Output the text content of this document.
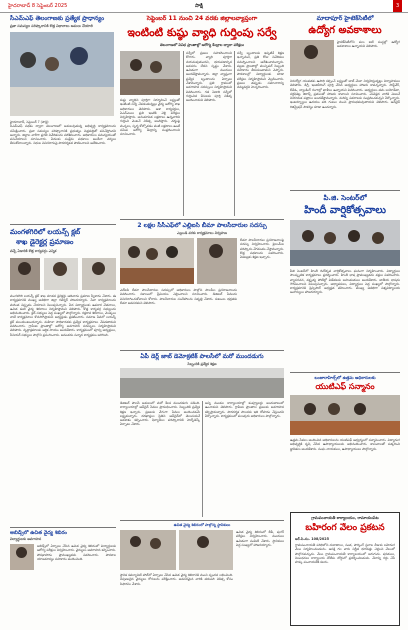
హైదరాబాద్ 8 సెప్టెంబర్ 2025	సాక్షి	3
సీఎమ్‌ఎఫ్ తెలంగాణకు ప్రత్యేక ప్రాధాన్యం
ప్రజా సమస్యల పరిష్కారానికి కొత్త విధానాలు అమలు చేయాలి
హైదరాబాద్, సెప్టెంబర్ 7 (సాక్షి):
సీఎమ్ఎఫ్ పథకం ద్వారా తెలంగాణలో అమలవుతున్న అభివృద్ధి కార్యక్రమాలను సమీక్షించారు. ప్రజా సమస్యల పరిష్కారానికి ప్రభుత్వం చిత్తశుద్ధితో పనిచేస్తోందని అన్నారు. జిల్లాల వారీగా ప్రగతి నివేదికలను పరిశీలించారు. అధికారులు సమన్వయంతో పనిచేయాలని సూచించారు. పేదలకు సంక్షేమ పథకాలు అందేలా చర్యలు తీసుకోవాలన్నారు. నిధుల వినియోగంపై పారదర్శకత పాటించాలని ఆదేశించారు.
మంగళగిరిలో లయన్స్ క్లబ్
శాఖ డైరెక్టర్ల ప్రమాణం
వచ్చే ఏడాదికి కొత్త కార్యవర్గం ఎన్నిక
మంగళగిరి లయన్స్ క్లబ్ శాఖ నూతన డైరెక్టర్లు ఆదివారం ప్రమాణ స్వీకారం చేశారు. ఈ కార్యక్రమానికి ముఖ్య అతిథిగా జిల్లా గవర్నర్ హాజరయ్యారు. సేవా కార్యక్రమాలను మరింత విస్తృతం చేయాలని పిలుపునిచ్చారు. పేద విద్యార్థులకు ఉపకార వేతనాలు, ఉచిత కంటి వైద్య శిబిరాలు నిర్వహిస్తామని తెలిపారు. కొత్త కార్యవర్గ సభ్యులను అభినందించారు. క్లబ్ సభ్యులు పెద్ద సంఖ్యలో పాల్గొన్నారు. రక్తదాన శిబిరాలు, మొక్కలు నాటే కార్యక్రమాలు కొనసాగిస్తామని అధ్యక్షుడు ప్రకటించారు. సమాజ సేవలో లయన్స్ క్లబ్ ముందుంటుందన్నారు. మహిళా సాధికారతకు ప్రత్యేక కార్యక్రమాలు చేపడతామని వివరించారు. గ్రామీణ ప్రాంతాల్లో ఆరోగ్య అవగాహన సదస్సులు నిర్వహిస్తామని తెలిపారు. వృద్ధాశ్రమాలకు ఆర్థిక సాయం అందజేశారు. కార్యక్రమంలో పూర్వ అధ్యక్షులు, సీనియర్ సభ్యులు పాల్గొని ప్రసంగించారు. అనంతరం సన్మాన కార్యక్రమం జరిగింది.
అబిడ్స్‌లో ఉచిత వైద్య శిబిరం
విద్యార్థులకు అవగాహన
అబిడ్స్‌లో ఏర్పాటు చేసిన ఉచిత వైద్య శిబిరంలో విద్యార్థులకు ఆరోగ్య పరీక్షలు నిర్వహించారు. వైద్యులు అవగాహన కల్పించారు. పోషకాహారం ప్రాముఖ్యతను వివరించారు. పాఠశాల యాజమాన్యం సహకారం అందించింది.
సెప్టెంబర్ 11 నుంచి 24 వరకు జిల్లాలవ్యాప్తంగా
ఇంటింటి కుష్ఠు వ్యాధి గుర్తింపు సర్వే
తెలంగాణలో వివిధ ప్రాంతాల్లో ఆరోగ్య కేంద్రాల ద్వారా పరీక్షలు
కుష్ఠు వ్యాధిని పూర్తిగా నిర్మూలించే లక్ష్యంతో ఇంటింటి సర్వే చేపడుతున్నట్లు వైద్య ఆరోగ్య శాఖ అధికారులు తెలిపారు. ఆశా కార్యకర్తలు, ఏఎన్ఎంలు ప్రతి ఇంటికి వెళ్లి పరీక్షలు నిర్వహిస్తారు. అనుమానిత లక్షణాలు ఉన్నవారిని గుర్తించి వెంటనే చికిత్స అందిస్తారు. చర్మంపై మచ్చలు, స్పర్శ కోల్పోవడం వంటి లక్షణాలు ఉంటే సమీప ఆరోగ్య కేంద్రాన్ని సంప్రదించాలని సూచించారు.
సర్వేలో ప్రజలు సహకరించాలని కోరారు. వ్యాధి పూర్తిగా నయమవుతుందని, భయపడాల్సిన అవసరం లేదని స్పష్టం చేశారు. ఉచితంగా మందులు అందజేస్తామన్నారు. జిల్లా వ్యాప్తంగా ప్రత్యేక బృందాలను ఏర్పాటు చేశామన్నారు. ప్రతి గ్రామంలో అవగాహన సదస్సులు నిర్వహిస్తామని వివరించారు. గత ఏడాది సర్వేలో గుర్తించిన కేసులకు పూర్తి చికిత్స అందించామని తెలిపారు.
సర్వే బృందాలకు ఇప్పటికే శిక్షణ ఇచ్చామని, ప్రతి రోజు నివేదికలు సమర్పించాలని ఆదేశించామన్నారు. పట్టణ ప్రాంతాల్లో మున్సిపల్ సిబ్బంది సహకారం తీసుకుంటామని చెప్పారు. పాఠశాలల్లో విద్యార్థులకు కూడా పరీక్షలు నిర్వహిస్తామని వెల్లడించారు. ప్రజలు తప్పుడు సమాచారాన్ని నమ్మవద్దని హెచ్చరించారు.
2 లక్షల సీసీఎఫ్‌లో ఎల్లిఐసి బీమా పాలసీదారుల సదస్సు
ఎల్లుండి వరకు కార్యక్రమాలు నిర్వహణ
బీమా పాలసీదారుల ప్రయోజనాలపై సదస్సు నిర్వహించారు. క్లెయిమ్‌ల పరిష్కారం వేగవంతం చేస్తామన్నారు. కొత్త పథకాలను వివరించారు. ఏజెంట్లకు శిక్షణ ఇచ్చారు.
ఎల్ఐసి బీమా పాలసీదారుల సదస్సులో అధికారులు పాల్గొని పాలసీల ప్రయోజనాలను వివరించారు. సకాలంలో ప్రీమియం చెల్లించాలని సూచించారు. డిజిటల్ సేవలను వినియోగించుకోవాలని కోరారు. పాలసీదారుల సందేహాలను నివృత్తి చేశారు. కుటుంబ భద్రతకు బీమా అవసరమని తెలిపారు.
ఏపీ డెర్ల్ జాబ్ డెమోక్రటిక్ పాలసీలో మరో ముందడుగు
సిబ్బందికి ప్రత్యేక శిక్షణ
డిజిటల్ పాలసీ అమలులో మరో కీలక ముందడుగు పడింది. కార్యాలయాల్లో ఆన్‌లైన్ సేవలు ప్రారంభించారు. సిబ్బందికి ప్రత్యేక శిక్షణ ఇచ్చారు. ప్రజలకు వేగంగా సేవలు అందించడమే లక్ష్యమన్నారు. దరఖాస్తుల స్థితిని ఆన్‌లైన్‌లో తెలుసుకునే అవకాశం కల్పించారు. ఫిర్యాదుల పరిష్కారానికి హెల్ప్‌డెస్క్ ఏర్పాటు చేశారు.
అన్ని మండల కార్యాలయాల్లో కంప్యూటర్లు అందుబాటులో ఉంచామని తెలిపారు. గ్రామీణ ప్రాంతాల ప్రజలకు అవగాహన కల్పిస్తామన్నారు. పారదర్శక పాలనకు ఇది దోహదం చేస్తుందని పేర్కొన్నారు. కార్యక్రమంలో పలువురు అధికారులు పాల్గొన్నారు.
ఉచిత వైద్య శిబిరంలో పాల్గొన్న స్థానికులు
ఉచిత వైద్య శిబిరంలో బీపీ, షుగర్ పరీక్షలు నిర్వహించారు. మందులు ఉచితంగా పంపిణీ చేశారు. స్థానికులు పెద్ద సంఖ్యలో హాజరయ్యారు.
స్థానిక కమ్యూనిటీ హాల్‌లో ఏర్పాటు చేసిన ఉచిత వైద్య శిబిరానికి మంచి స్పందన లభించింది. నిపుణులైన వైద్యులు రోగులను పరీక్షించారు. అవసరమైన వారికి తదుపరి చికిత్స కోసం సిఫారసు చేశారు.
మాదాపూర్ హైటెక్‌సిటీలో
ఉద్యోగ అవకాశాలు
హైటెక్‌సిటీలోని పలు ఐటీ సంస్థల్లో ఉద్యోగ అవకాశాలు ఉన్నాయని తెలిపారు.
నిరుద్యోగ యువతకు ఉపాధి కల్పించే లక్ష్యంతో జాబ్ మేళా నిర్వహిస్తున్నట్లు నిర్వాహకులు తెలిపారు. డిగ్రీ, ఇంజినీరింగ్ పూర్తి చేసిన అభ్యర్థులు హాజరు కావచ్చన్నారు. సాఫ్ట్‌వేర్, బీపీఓ, బ్యాంకింగ్ రంగాల్లో ఖాళీలు ఉన్నాయని వివరించారు. అభ్యర్థులు తమ బయోడేటా, సర్టిఫికెట్ల జిరాక్స్ ప్రతులతో హాజరు కావాలని సూచించారు. ఎంపికైన వారికి వెంటనే నియామక పత్రాలు అందజేస్తామన్నారు. మరిన్ని వివరాలకు సంప్రదించవచ్చని పేర్కొన్నారు. ఇంటర్వ్యూలు ఉదయం పది గంటల నుంచి ప్రారంభమవుతాయని తెలిపారు. ఆన్‌లైన్ రిజిస్ట్రేషన్ సౌకర్యం కూడా ఉందన్నారు.
పి.జి. సెంటర్‌లో
హిందీ వార్షికోత్సవాలు
పీజీ సెంటర్‌లో హిందీ దినోత్సవ వార్షికోత్సవాలు ఘనంగా నిర్వహించారు. విద్యార్థులు సాంస్కృతిక కార్యక్రమాలు ప్రదర్శించారు. హిందీ భాష ప్రాముఖ్యతను వక్తలు వివరించారు. వ్యాసరచన, వక్తృత్వ పోటీల్లో విజేతలకు బహుమతులు అందజేశారు. జాతీయ భాషను గౌరవించాలని పిలుపునిచ్చారు. అధ్యాపకులు, విద్యార్థులు పెద్ద సంఖ్యలో పాల్గొన్నారు. కార్యక్రమానికి ప్రిన్సిపాల్ అధ్యక్షత వహించారు. ముఖ్య అతిథిగా విశ్వవిద్యాలయ ఆచార్యులు హాజరయ్యారు.
బంజారాహిల్స్‌లో ఉత్తమ అధికారులకు
యుటిఎఫ్ సన్మానం
ఉత్తమ సేవలు అందించిన అధికారులను యుటిఎఫ్ ఆధ్వర్యంలో సన్మానించారు. విద్యారంగ అభివృద్ధికి కృషి చేసిన ఉపాధ్యాయులను అభినందించారు. శాలువాలతో సత్కరించి జ్ఞాపికలు అందజేశారు. సంఘ నాయకులు, ఉపాధ్యాయులు పాల్గొన్నారు.
గ్రామపంచాయతీ కార్యాలయం, రామాయంపేట
బహిరంగ వేలం ప్రకటన
ఆర్.సి.నం. 108/2025
గ్రామపంచాయతీ పరిధిలోని దుకాణాలు, సంత, పార్కింగ్ స్థలాల లీజుకు బహిరంగ వేలం నిర్వహించబడును. ఆసక్తి గల వారు నిర్ణీత ధరావత్తు చెల్లించి వేలంలో పాల్గొనవచ్చును. వేలం గ్రామపంచాయతీ కార్యాలయంలో జరుగును. షరతులు, నిబంధనలు కార్యాలయ నోటీసు బోర్డులో ప్రదర్శించబడును. వేలాన్ని రద్దు చేసే హక్కు పంచాయతీకి కలదు.
